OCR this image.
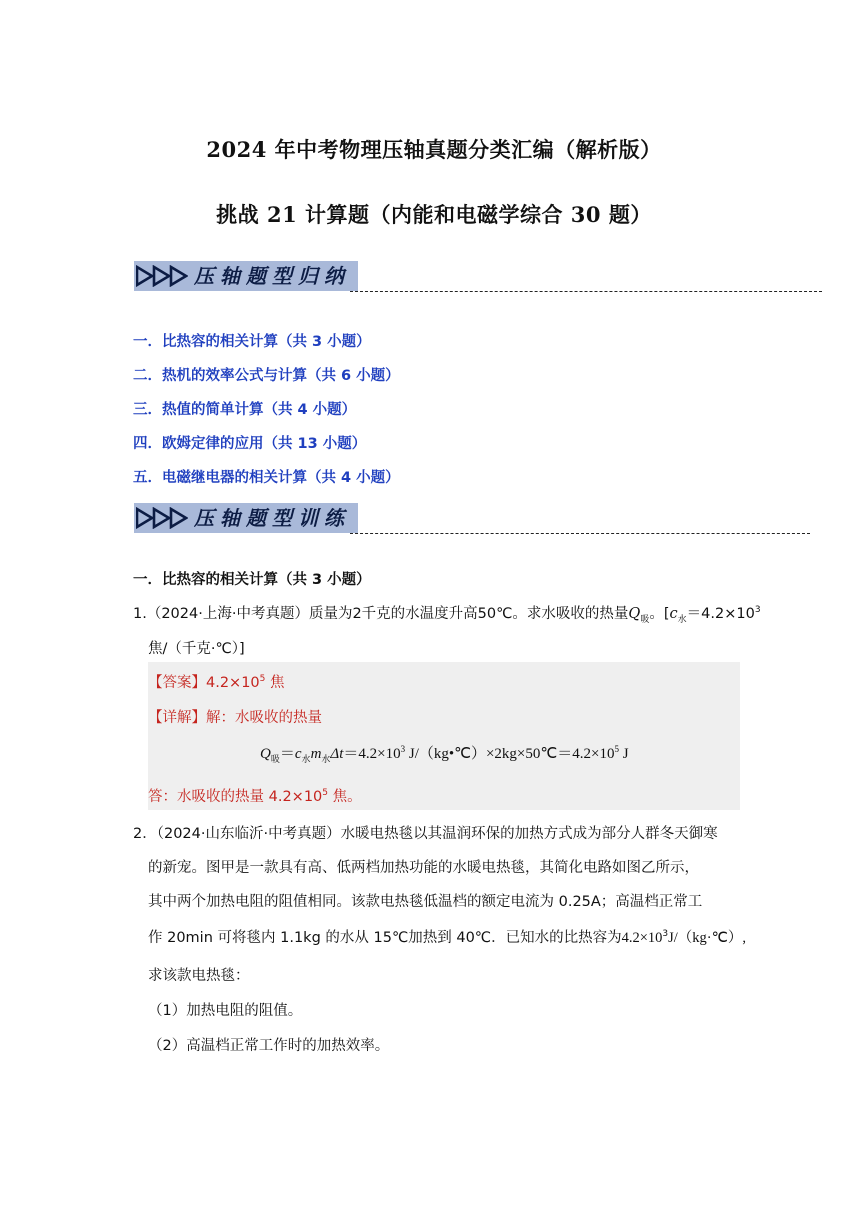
2024 年中考物理压轴真题分类汇编（解析版）
挑战 21 计算题（内能和电磁学综合 30 题）
压轴题型归纳
一．比热容的相关计算（共 3 小题）
二．热机的效率公式与计算（共 6 小题）
三．热值的简单计算（共 4 小题）
四．欧姆定律的应用（共 13 小题）
五．电磁继电器的相关计算（共 4 小题）
压轴题型训练
一．比热容的相关计算（共 3 小题）
1.（2024·上海·中考真题）质量为2千克的水温度升高50℃。求水吸收的热量$Q_吸$。[$c_水=4.2\times 10^3$
焦/（千克·℃）]
【答案】$4.2\times 10^5$ 焦
【详解】解：水吸收的热量
$Q_吸=c_水m_水\Delta t=4.2\times 10^3$ $J/(kg•℃)\times 2kg\times 50℃=4.2\times 10^5$ J
答：水吸收的热量 $4.2\times 10^5$ 焦。
2．（2024·山东临沂·中考真题）水暖电热毯以其温润环保的加热方式成为部分人群冬天御寒
的新宠。图甲是一款具有高、低两档加热功能的水暖电热毯，其简化电路如图乙所示，
其中两个加热电阻的阻值相同。该款电热毯低温档的额定电流为 0.25A；高温档正常工
作 20min 可将毯内 1.1kg 的水从 15℃加热到 40℃．已知水的比热容为$4.2\times 10^3J/(kg\cdot℃)$,
求该款电热毯：
（1）加热电阻的阻值。
（2）高温档正常工作时的加热效率。
